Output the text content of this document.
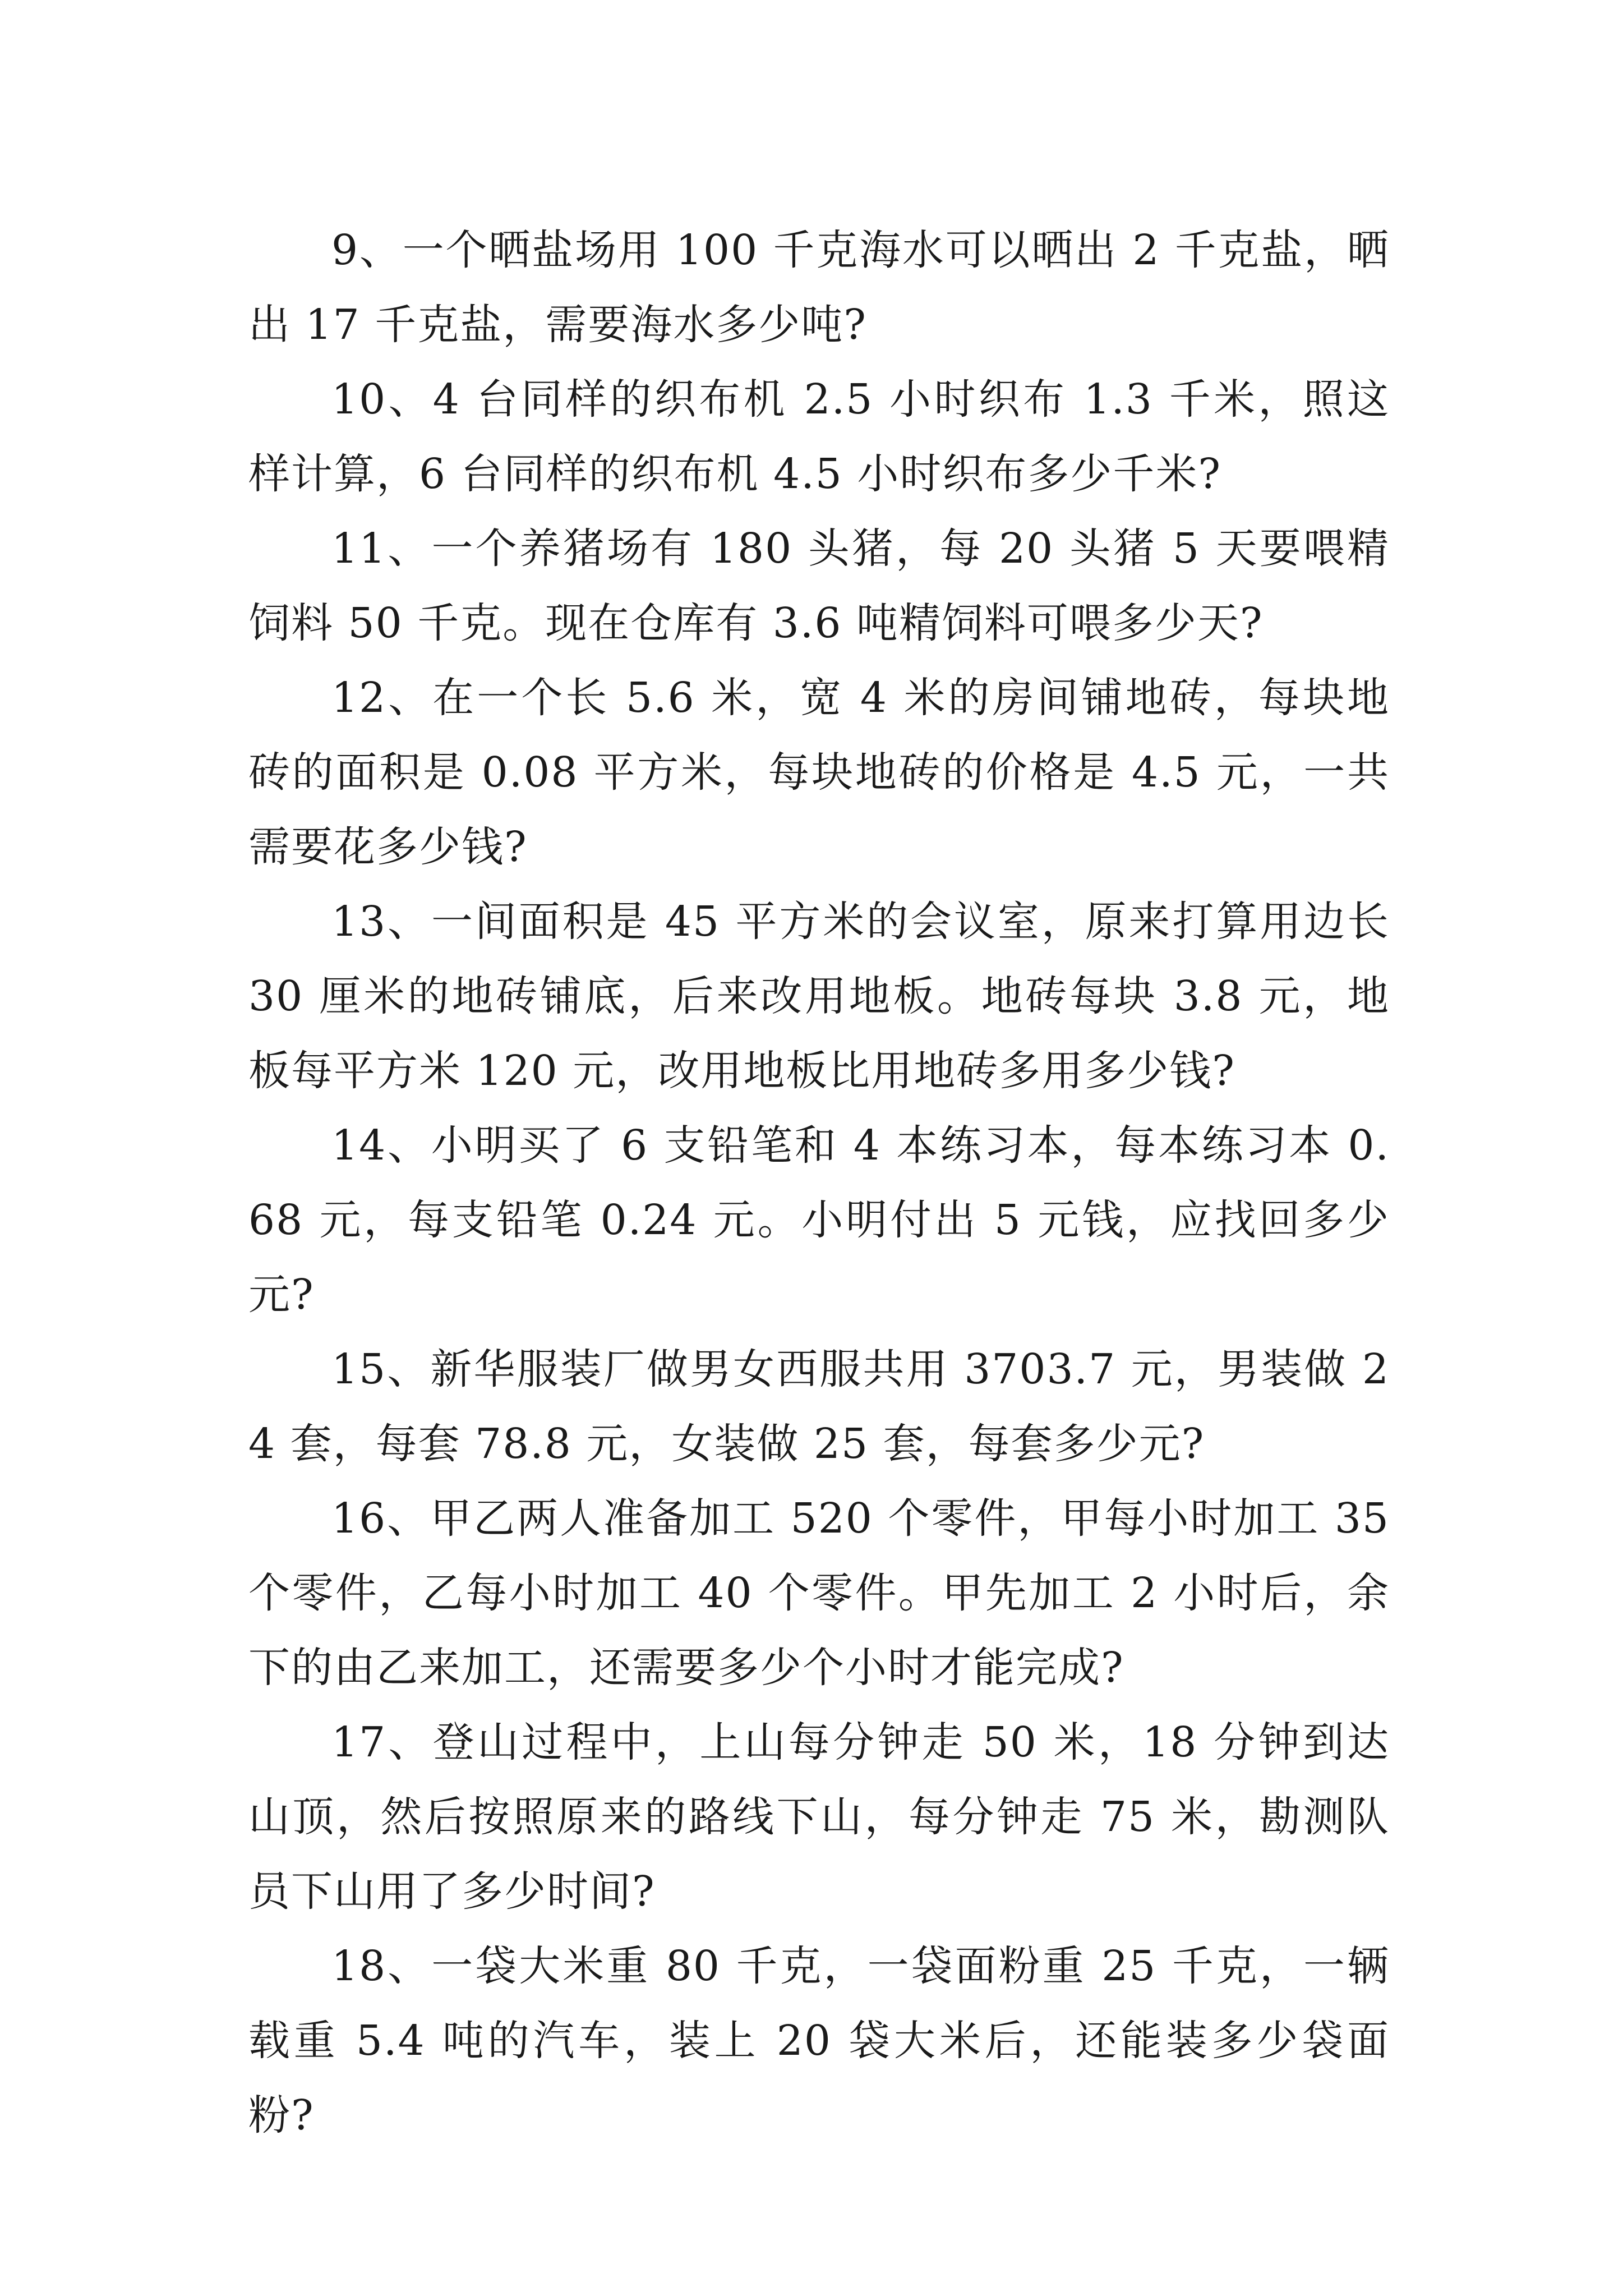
9、一个晒盐场用 100 千克海水可以晒出 2 千克盐，晒出 17 千克盐，需要海水多少吨?

10、4 台同样的织布机 2.5 小时织布 1.3 千米，照这样计算，6 台同样的织布机 4.5 小时织布多少千米?

11、一个养猪场有 180 头猪，每 20 头猪 5 天要喂精饲料 50 千克。现在仓库有 3.6 吨精饲料可喂多少天?

12、在一个长 5.6 米，宽 4 米的房间铺地砖，每块地砖的面积是 0.08 平方米，每块地砖的价格是 4.5 元，一共需要花多少钱?

13、一间面积是 45 平方米的会议室，原来打算用边长 30 厘米的地砖铺底，后来改用地板。地砖每块 3.8 元，地板每平方米 120 元，改用地板比用地砖多用多少钱?

14、小明买了 6 支铅笔和 4 本练习本，每本练习本 0.68 元，每支铅笔 0.24 元。小明付出 5 元钱，应找回多少元?

15、新华服装厂做男女西服共用 3703.7 元，男装做 24 套，每套 78.8 元，女装做 25 套，每套多少元?

16、甲乙两人准备加工 520 个零件，甲每小时加工 35 个零件，乙每小时加工 40 个零件。甲先加工 2 小时后，余下的由乙来加工，还需要多少个小时才能完成?

17、登山过程中，上山每分钟走 50 米，18 分钟到达山顶，然后按照原来的路线下山，每分钟走 75 米，勘测队员下山用了多少时间?

18、一袋大米重 80 千克，一袋面粉重 25 千克，一辆载重 5.4 吨的汽车，装上 20 袋大米后，还能装多少袋面粉?
